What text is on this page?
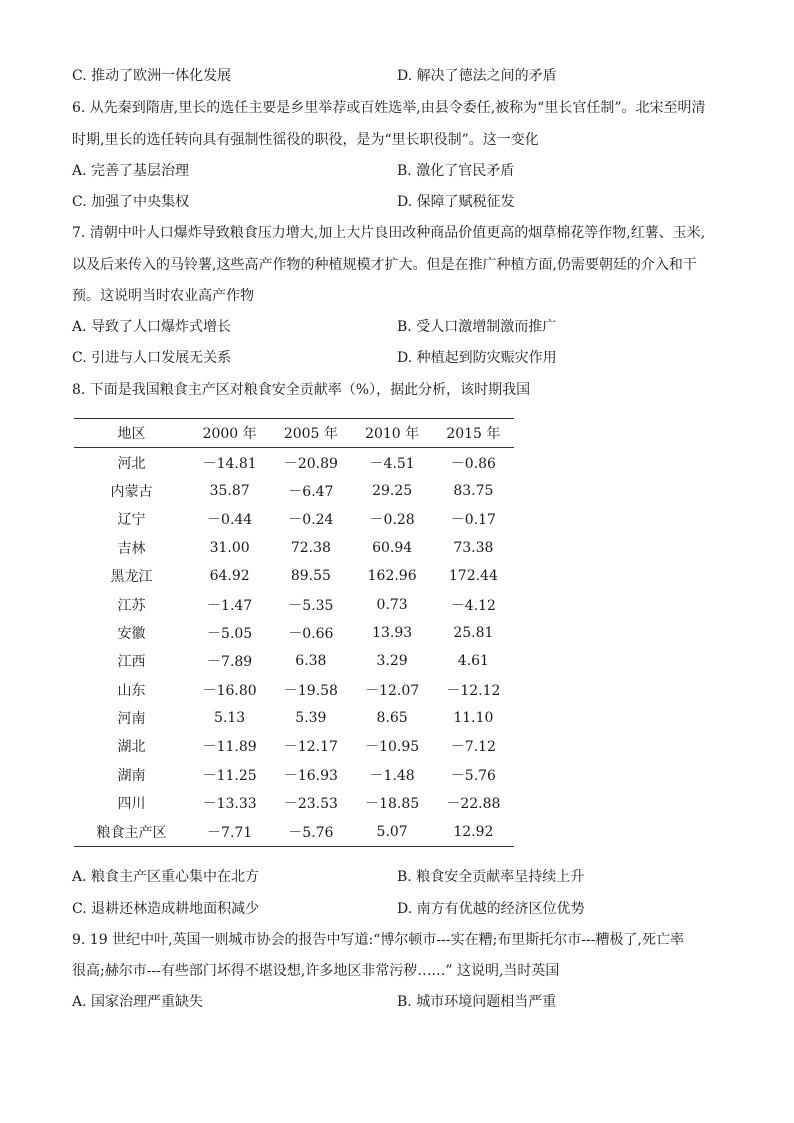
C. 推动了欧洲一体化发展	D. 解决了德法之间的矛盾
6. 从先秦到隋唐,里长的选任主要是乡里举荐或百姓选举,由县令委任,被称为“里长官任制”。北宋至明清
时期,里长的选任转向具有强制性徭役的职役，是为“里长职役制”。这一变化
A. 完善了基层治理	B. 激化了官民矛盾
C. 加强了中央集权	D. 保障了赋税征发
7. 清朝中叶人口爆炸导致粮食压力增大,加上大片良田改种商品价值更高的烟草棉花等作物,红薯、玉米,
以及后来传入的马铃薯,这些高产作物的种植规模才扩大。但是在推广种植方面,仍需要朝廷的介入和干
预。这说明当时农业高产作物
A. 导致了人口爆炸式增长	B. 受人口激增制激而推广
C. 引进与人口发展无关系	D. 种植起到防灾赈灾作用
8. 下面是我国粮食主产区对粮食安全贡献率（%），据此分析，该时期我国
地区	2000 年	2005 年	2010 年	2015 年
河北	－14.81	－20.89	－4.51	－0.86
内蒙古	35.87	－6.47	29.25	83.75
辽宁	－0.44	－0.24	－0.28	－0.17
吉林	31.00	72.38	60.94	73.38
黑龙江	64.92	89.55	162.96	172.44
江苏	－1.47	－5.35	0.73	－4.12
安徽	－5.05	－0.66	13.93	25.81
江西	－7.89	6.38	3.29	4.61
山东	－16.80	－19.58	－12.07	－12.12
河南	5.13	5.39	8.65	11.10
湖北	－11.89	－12.17	－10.95	－7.12
湖南	－11.25	－16.93	－1.48	－5.76
四川	－13.33	－23.53	－18.85	－22.88
粮食主产区	－7.71	－5.76	5.07	12.92
A. 粮食主产区重心集中在北方	B. 粮食安全贡献率呈持续上升
C. 退耕还林造成耕地面积减少	D. 南方有优越的经济区位优势
9. 19 世纪中叶,英国一则城市协会的报告中写道:“博尔顿市---实在糟;布里斯托尔市---糟极了,死亡率
很高;赫尔市---有些部门坏得不堪设想,许多地区非常污秽……” 这说明,当时英国
A. 国家治理严重缺失	B. 城市环境问题相当严重
